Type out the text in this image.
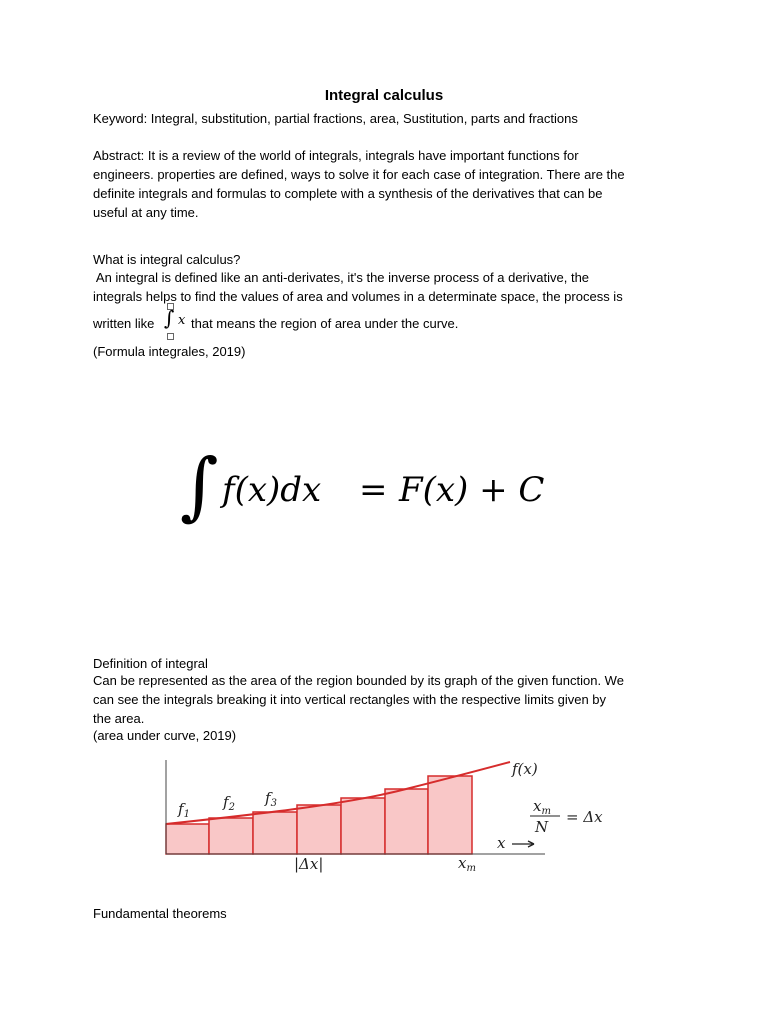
Integral calculus
Keyword: Integral, substitution, partial fractions, area, Sustitution, parts and fractions
Abstract: It is a review of the world of integrals, integrals have important functions for
engineers. properties are defined, ways to solve it for each case of integration. There are the
definite integrals and formulas to complete with a synthesis of the derivatives that can be
useful at any time.
What is integral calculus?
An integral is defined like an anti-derivates, it's the inverse process of a derivative, the
integrals helps to find the values of area and volumes in a determinate space, the process is
written like ∫ x that means the region of area under the curve.
(Formula integrales, 2019)
∫ f(x)dx = F(x) + C
Definition of integral
Can be represented as the area of the region bounded by its graph of the given function. We
can see the integrals breaking it into vertical rectangles with the respective limits given by
the area.
(area under curve, 2019)
f(x)
$f_1$
$f_2$
$f_3$
x
|Δx|	$x_m$
$x_m$
N
= Δx
Fundamental theorems
